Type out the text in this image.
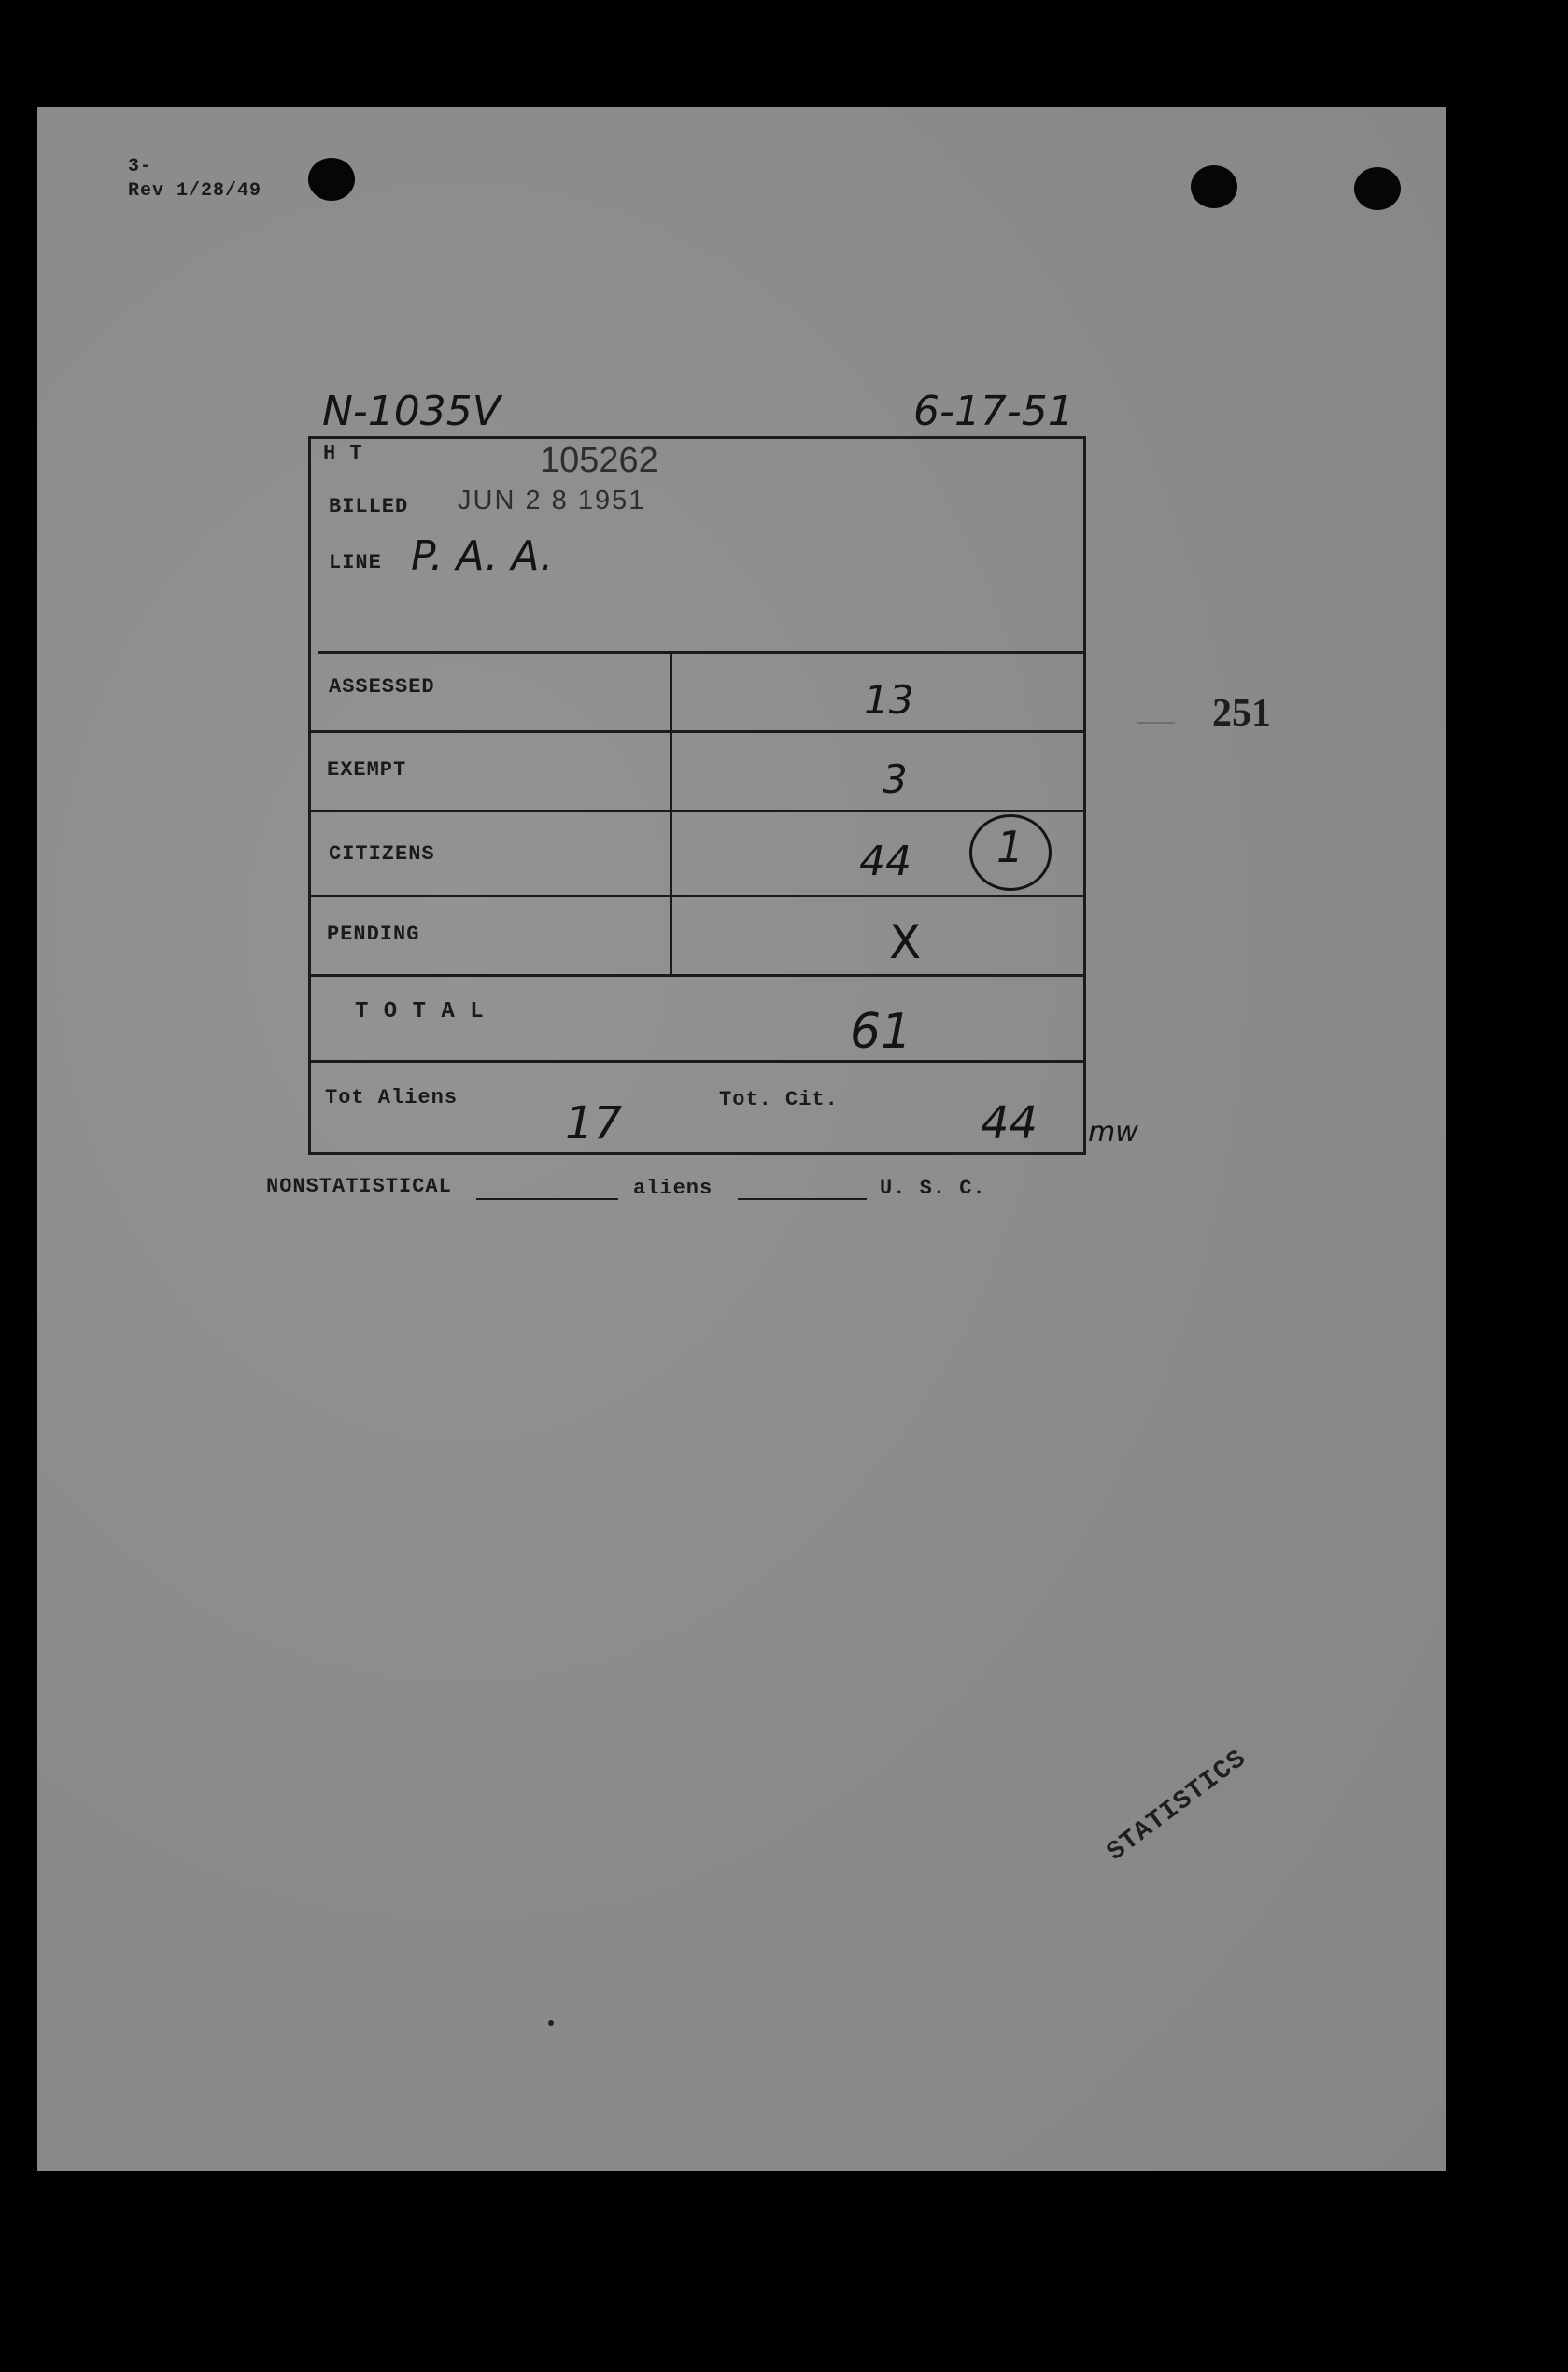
3-
Rev 1/28/49
N-1035V	6-17-51
H T	105262
BILLED JUN 2 8 1951
LINE P. A. A.
ASSESSED	13
EXEMPT	3
CITIZENS	44 1
PENDING	X
T O T A L	61
Tot Aliens 17	Tot. Cit.	44 mw
251
NONSTATISTICAL	aliens	U. S. C.
STATISTICS
